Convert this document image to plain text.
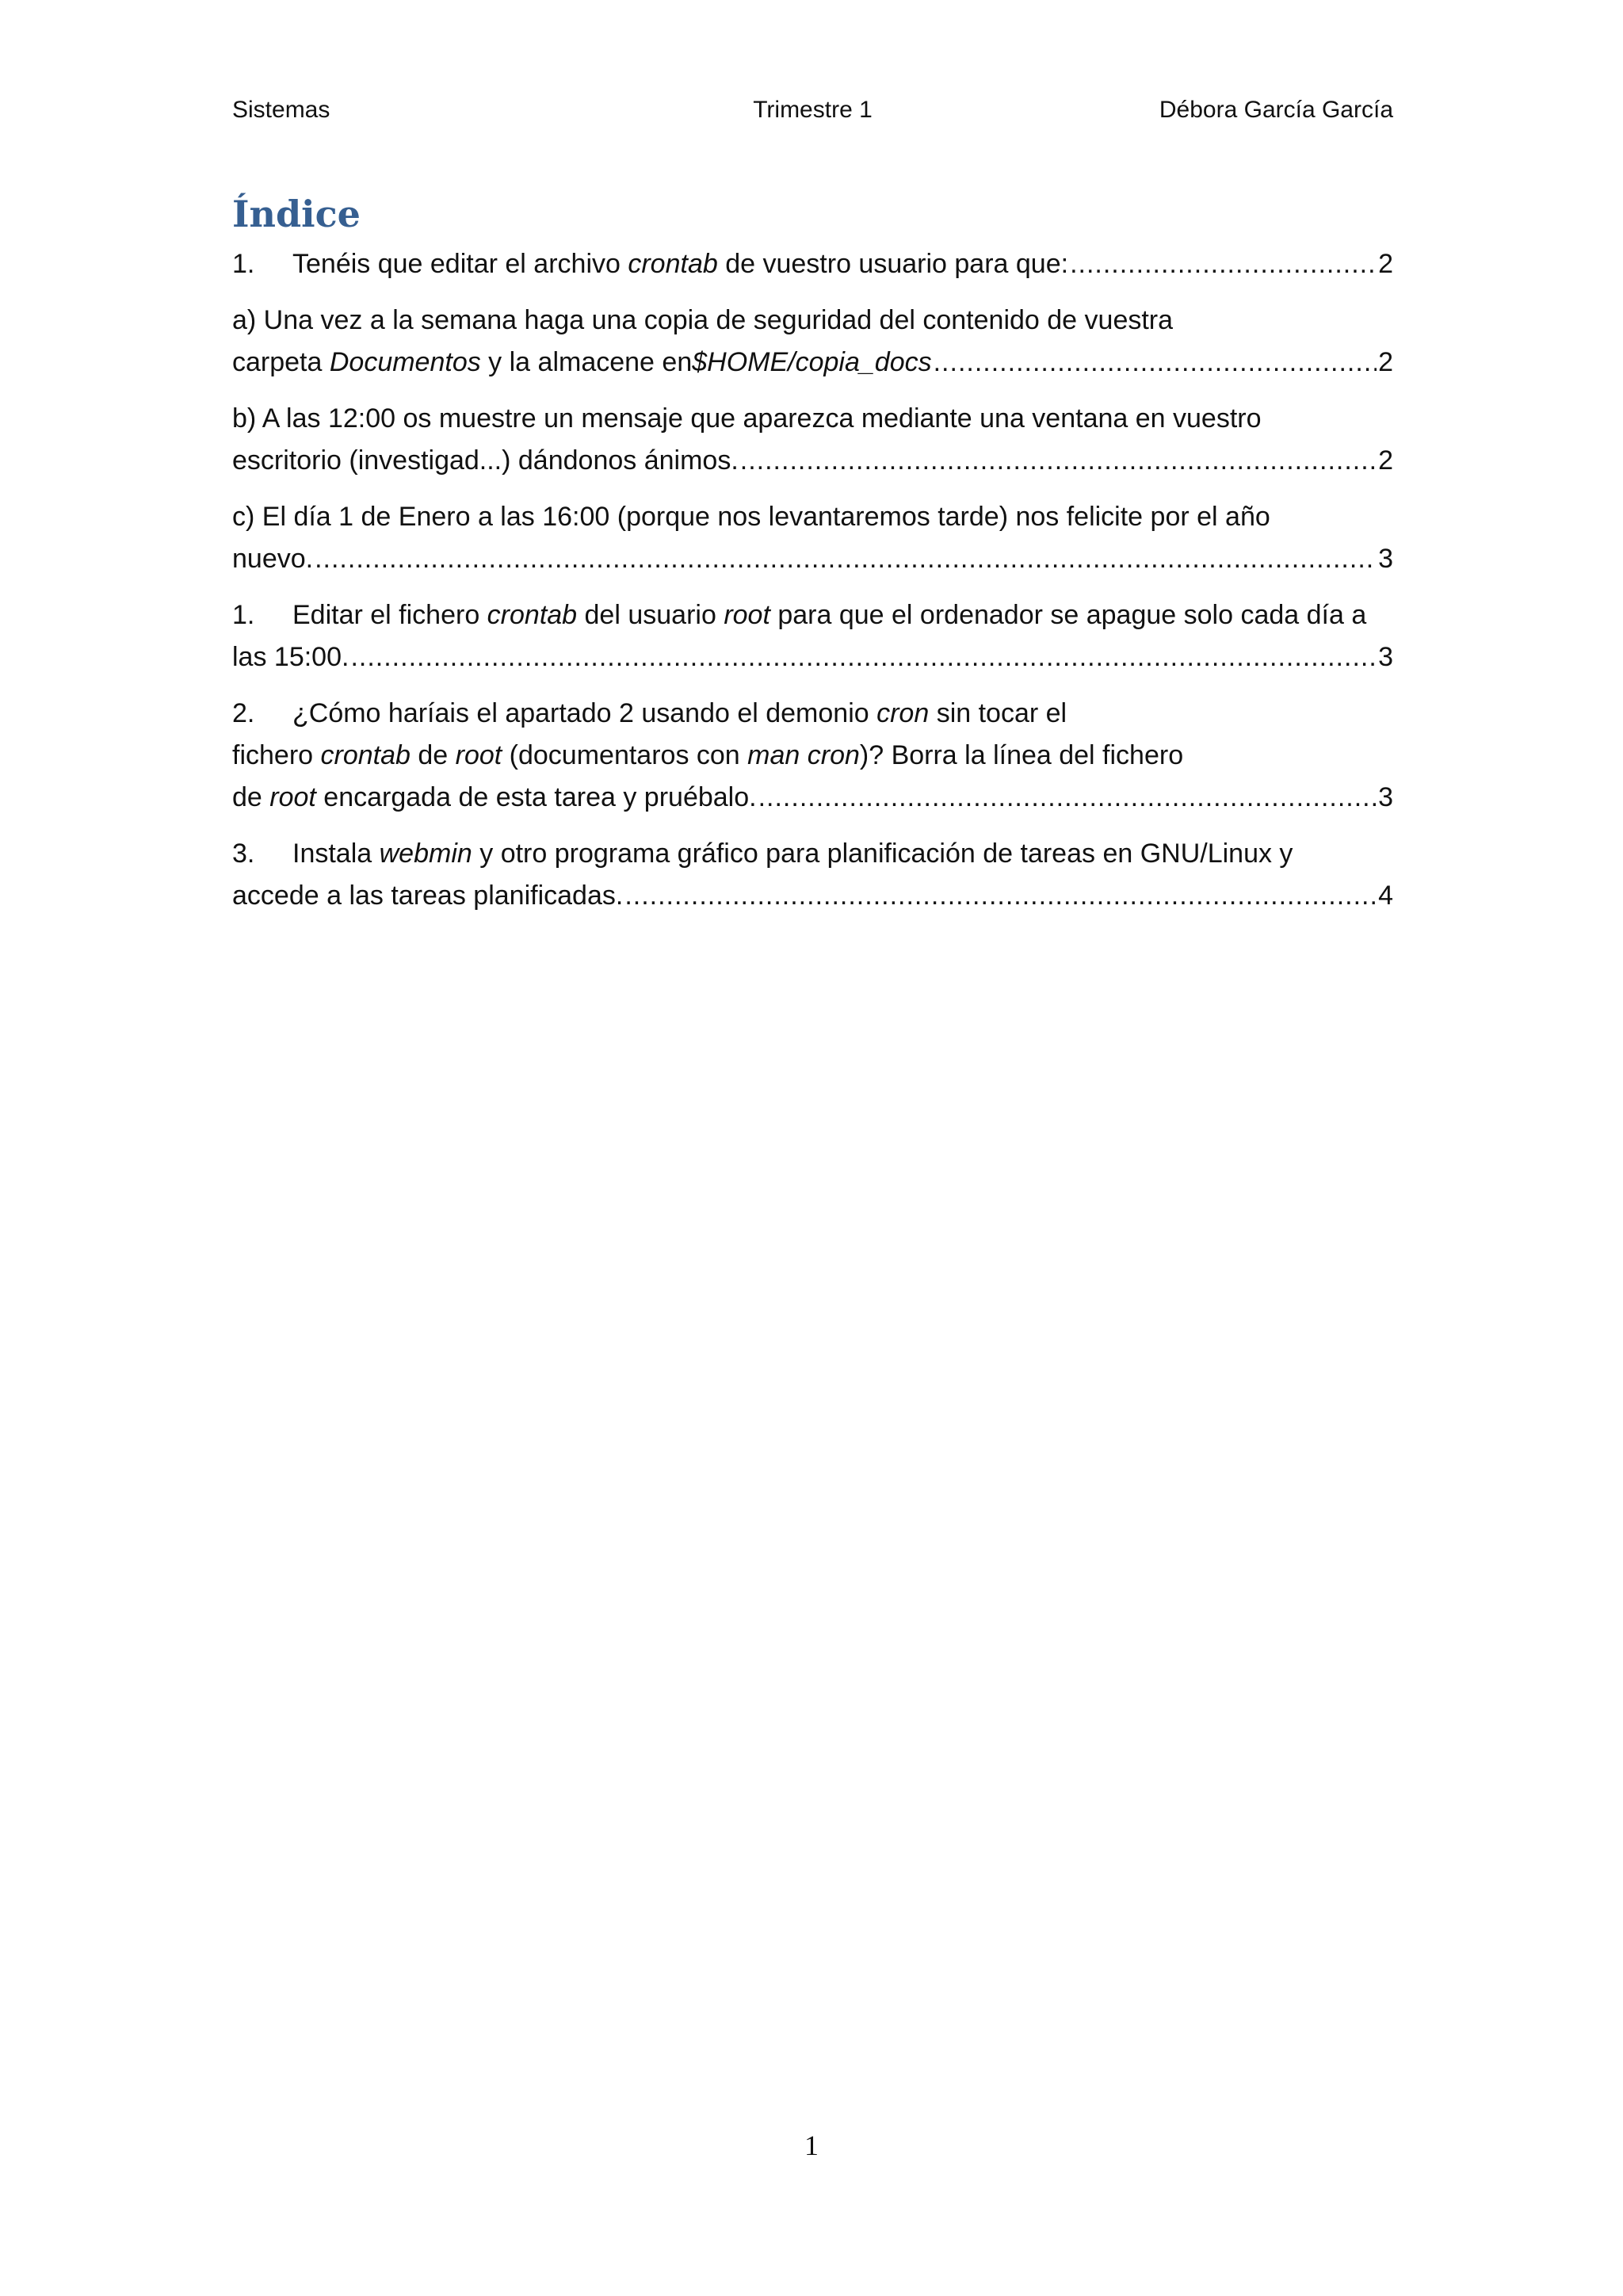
Sistemas	Trimestre 1	Débora García García
Índice
1.	Tenéis que editar el archivo crontab de vuestro usuario para que: .....	2
a) Una vez a la semana haga una copia de seguridad del contenido de vuestra
carpeta Documentos y la almacene en$HOME/copia_docs .....	2
b) A las 12:00 os muestre un mensaje que aparezca mediante una ventana en vuestro
escritorio (investigad...) dándonos ánimos. .....	2
c) El día 1 de Enero a las 16:00 (porque nos levantaremos tarde) nos felicite por el año
nuevo. .....	3
1.	Editar el fichero crontab del usuario root para que el ordenador se apague solo cada día a
las 15:00. .....	3
2.	¿Cómo haríais el apartado 2 usando el demonio cron sin tocar el
fichero crontab de root (documentaros con man cron)? Borra la línea del fichero
de root encargada de esta tarea y pruébalo. .....	3
3.	Instala webmin y otro programa gráfico para planificación de tareas en GNU/Linux y
accede a las tareas planificadas. .....	4
1
